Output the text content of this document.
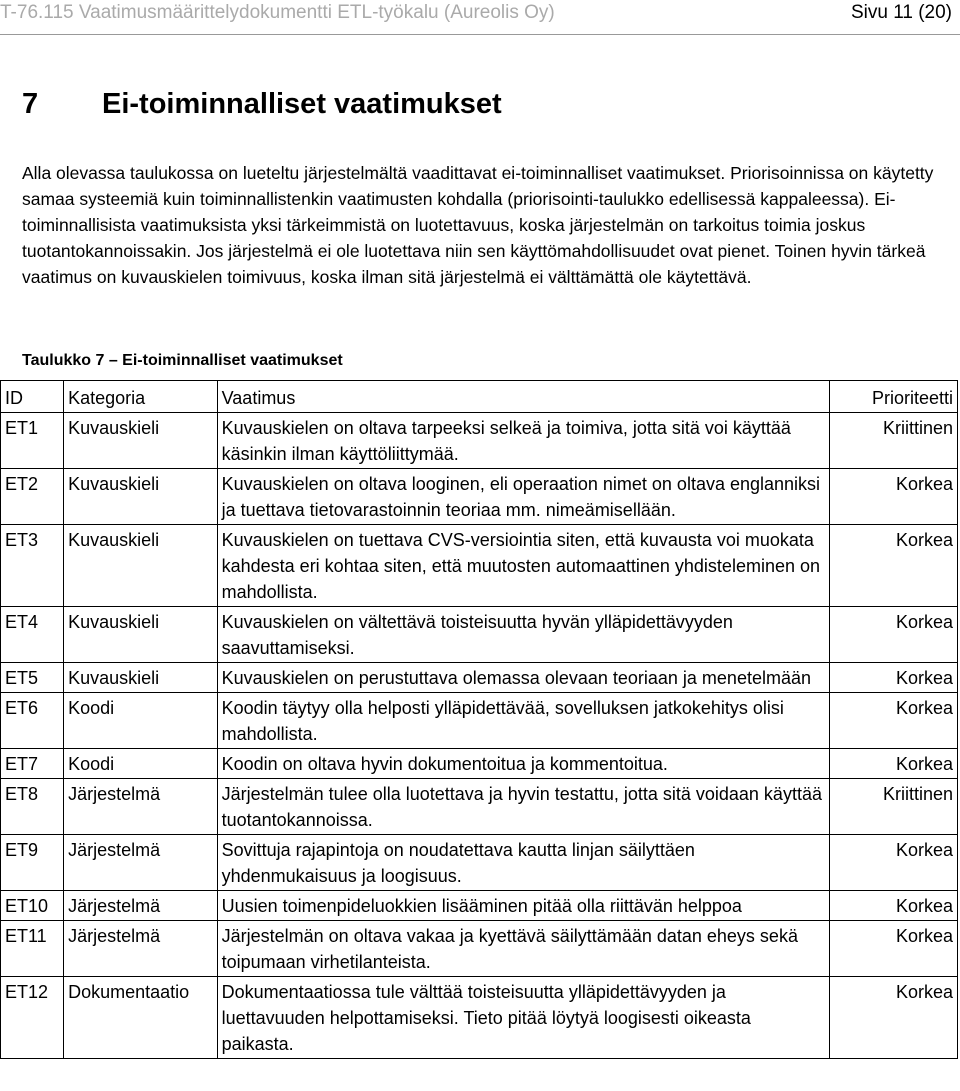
T-76.115 Vaatimusmäärittelydokumentti ETL-työkalu (Aureolis Oy)	Sivu 11 (20)
7 Ei-toiminnalliset vaatimukset

Alla olevassa taulukossa on lueteltu järjestelmältä vaadittavat ei-toiminnalliset vaatimukset. Priorisoinnissa on käytetty samaa systeemiä kuin toiminnallistenkin vaatimusten kohdalla (priorisointi-taulukko edellisessä kappaleessa). Ei-toiminnallisista vaatimuksista yksi tärkeimmistä on luotettavuus, koska järjestelmän on tarkoitus toimia joskus tuotantokannoissakin. Jos järjestelmä ei ole luotettava niin sen käyttömahdollisuudet ovat pienet. Toinen hyvin tärkeä vaatimus on kuvauskielen toimivuus, koska ilman sitä järjestelmä ei välttämättä ole käytettävä.

Taulukko 7 – Ei-toiminnalliset vaatimukset
ID	Kategoria	Vaatimus	Prioriteetti
ET1	Kuvauskieli	Kuvauskielen on oltava tarpeeksi selkeä ja toimiva, jotta sitä voi käyttää käsinkin ilman käyttöliittymää.	Kriittinen
ET2	Kuvauskieli	Kuvauskielen on oltava looginen, eli operaation nimet on oltava englanniksi ja tuettava tietovarastoinnin teoriaa mm. nimeämisellään.	Korkea
ET3	Kuvauskieli	Kuvauskielen on tuettava CVS-versiointia siten, että kuvausta voi muokata kahdesta eri kohtaa siten, että muutosten automaattinen yhdisteleminen on mahdollista.	Korkea
ET4	Kuvauskieli	Kuvauskielen on vältettävä toisteisuutta hyvän ylläpidettävyyden saavuttamiseksi.	Korkea
ET5	Kuvauskieli	Kuvauskielen on perustuttava olemassa olevaan teoriaan ja menetelmään	Korkea
ET6	Koodi	Koodin täytyy olla helposti ylläpidettävää, sovelluksen jatkokehitys olisi mahdollista.	Korkea
ET7	Koodi	Koodin on oltava hyvin dokumentoitua ja kommentoitua.	Korkea
ET8	Järjestelmä	Järjestelmän tulee olla luotettava ja hyvin testattu, jotta sitä voidaan käyttää tuotantokannoissa.	Kriittinen
ET9	Järjestelmä	Sovittuja rajapintoja on noudatettava kautta linjan säilyttäen yhdenmukaisuus ja loogisuus.	Korkea
ET10	Järjestelmä	Uusien toimenpideluokkien lisääminen pitää olla riittävän helppoa	Korkea
ET11	Järjestelmä	Järjestelmän on oltava vakaa ja kyettävä säilyttämään datan eheys sekä toipumaan virhetilanteista.	Korkea
ET12	Dokumentaatio	Dokumentaatiossa tule välttää toisteisuutta ylläpidettävyyden ja luettavuuden helpottamiseksi. Tieto pitää löytyä loogisesti oikeasta paikasta.	Korkea
